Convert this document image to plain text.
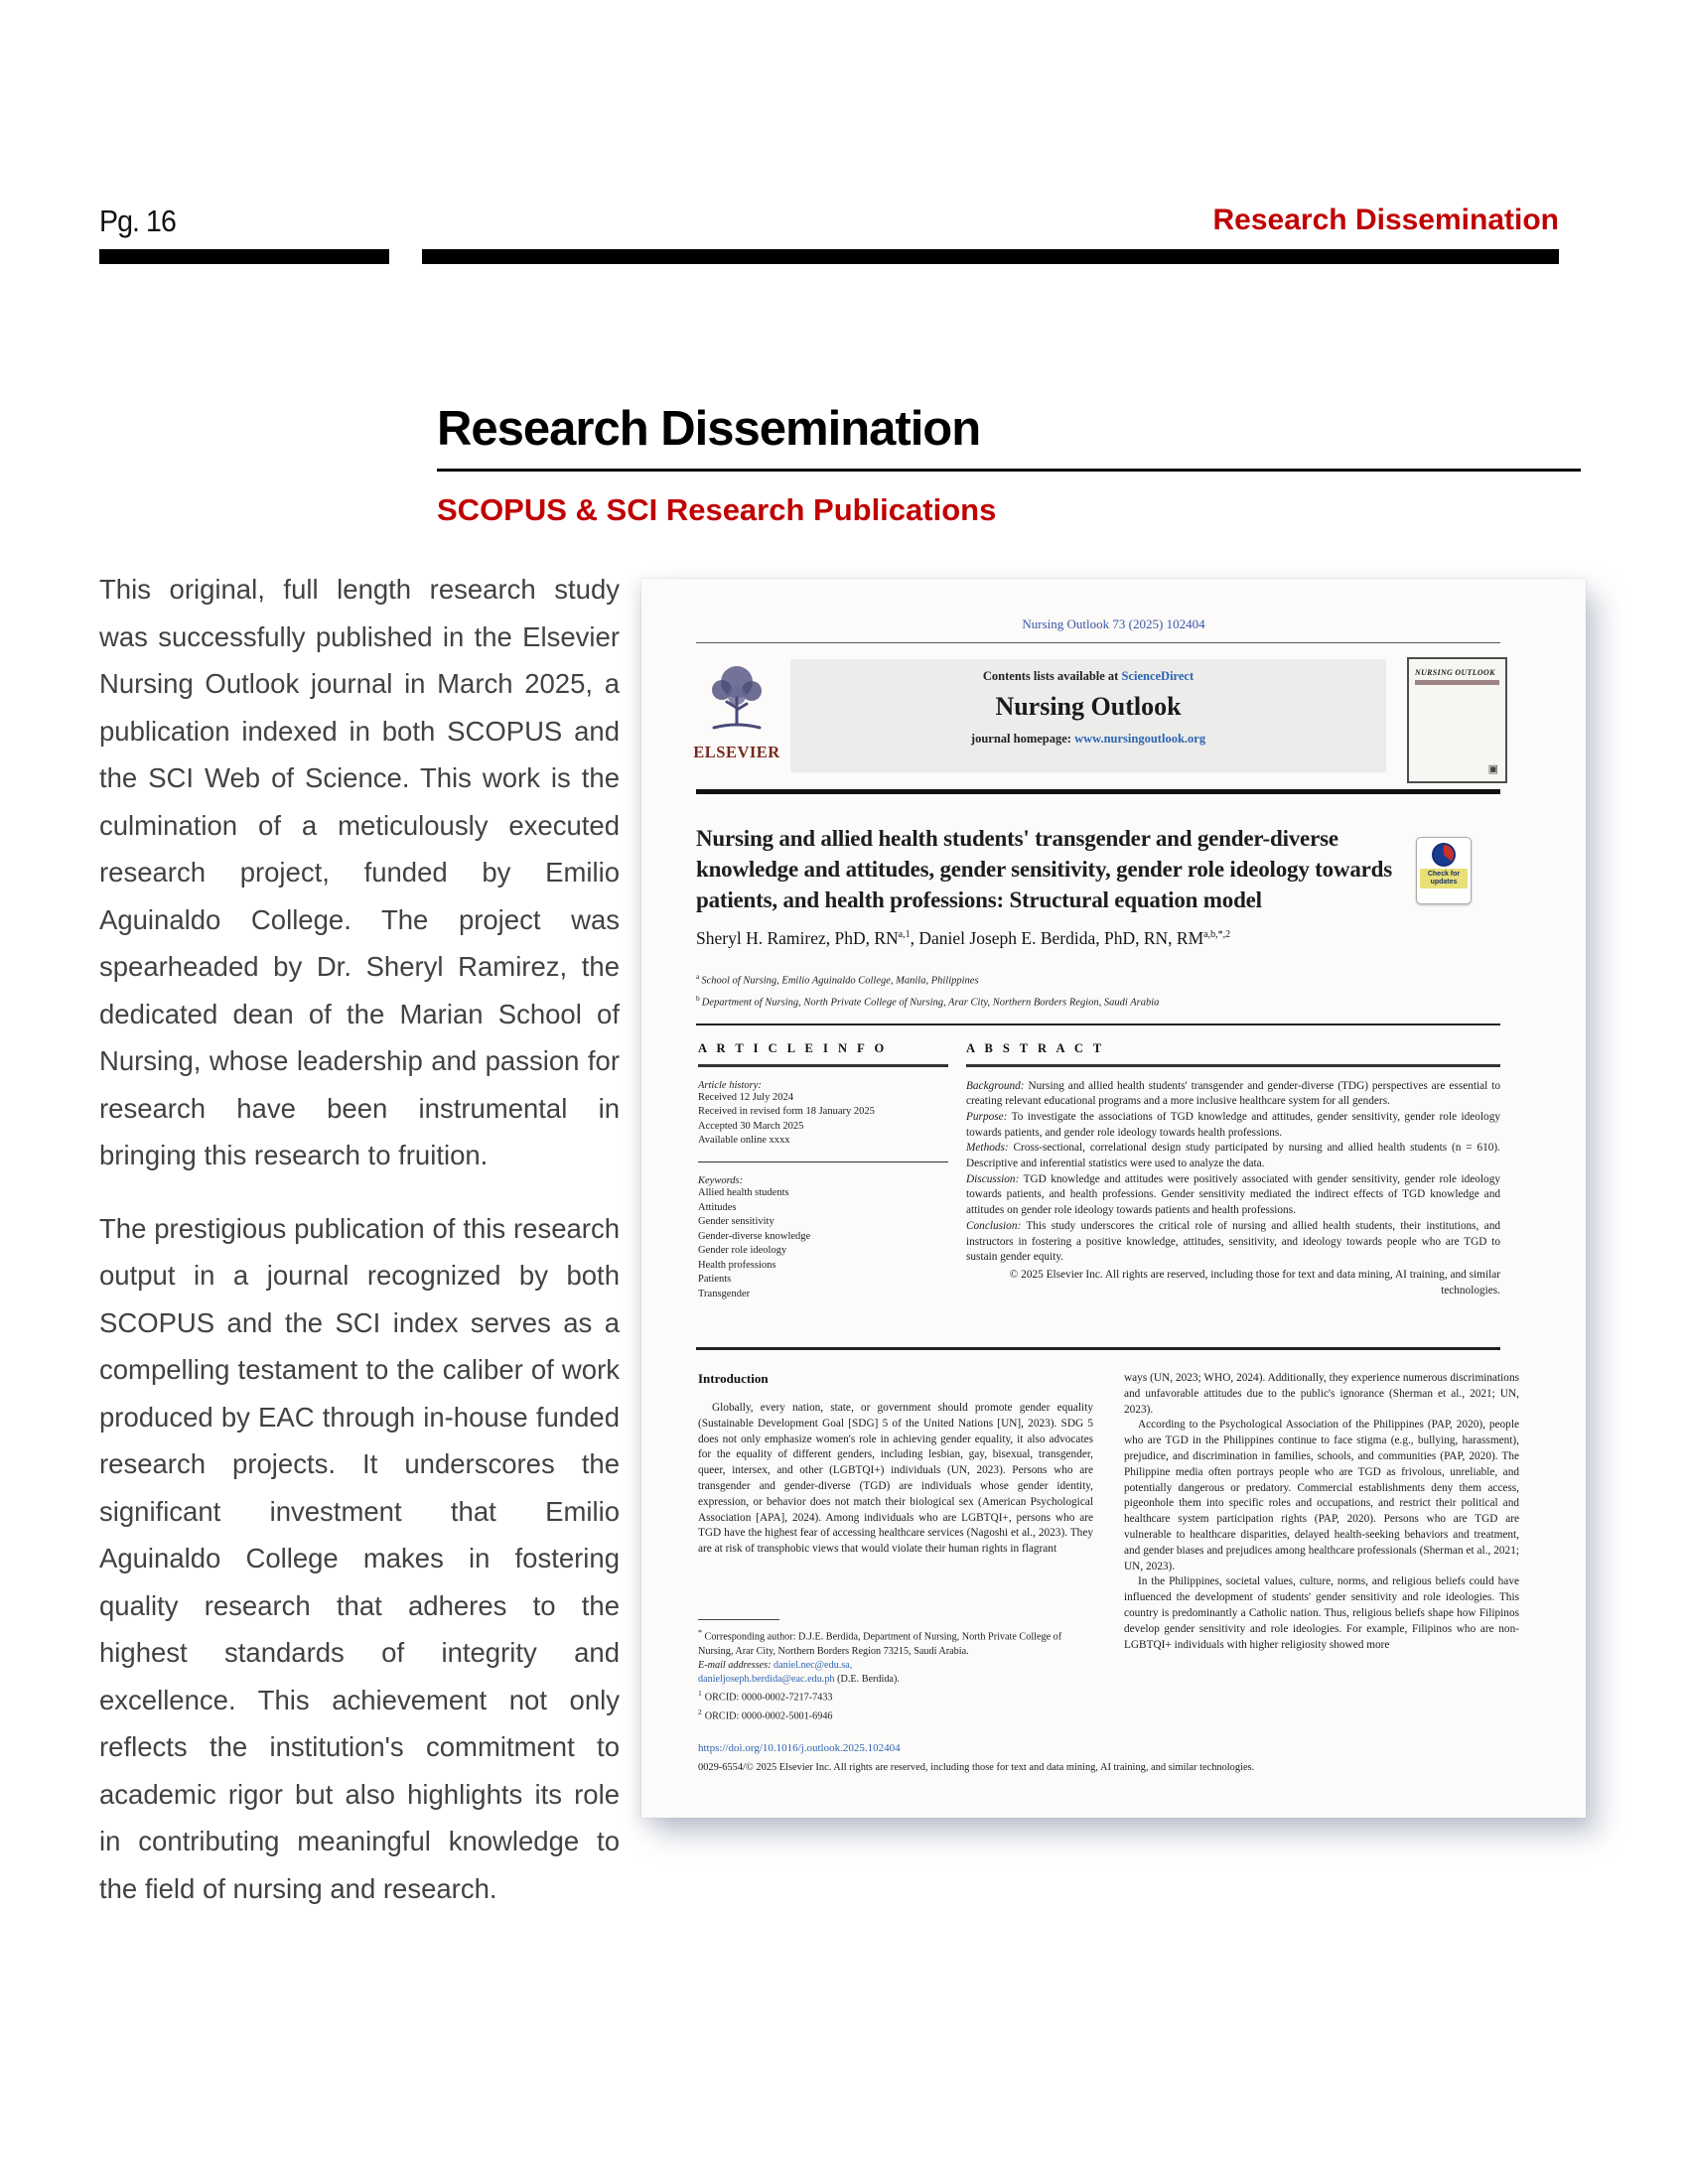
Pg. 16	Research Dissemination
Research Dissemination
SCOPUS & SCI Research Publications

This original, full length research study was successfully published in the Elsevier Nursing Outlook journal in March 2025, a publication indexed in both SCOPUS and the SCI Web of Science. This work is the culmination of a meticulously executed research project, funded by Emilio Aguinaldo College. The project was spearheaded by Dr. Sheryl Ramirez, the dedicated dean of the Marian School of Nursing, whose leadership and passion for research have been instrumental in bringing this research to fruition.

The prestigious publication of this research output in a journal recognized by both SCOPUS and the SCI index serves as a compelling testament to the caliber of work produced by EAC through in-house funded research projects. It underscores the significant investment that Emilio Aguinaldo College makes in fostering quality research that adheres to the highest standards of integrity and excellence. This achievement not only reflects the institution's commitment to academic rigor but also highlights its role in contributing meaningful knowledge to the field of nursing and research.

Nursing Outlook 73 (2025) 102404
ELSEVIER
Contents lists available at ScienceDirect
Nursing Outlook
journal homepage: www.nursingoutlook.org
NURSING OUTLOOK
▣
Nursing and allied health students' transgender and gender-diverse knowledge and attitudes, gender sensitivity, gender role ideology towards patients, and health professions: Structural equation model
Check for updates
Sheryl H. Ramirez, PhD, RN$^{a,1}$, Daniel Joseph E. Berdida, PhD, RN, $RM^{a,b,*,2}$
$^a$ School of Nursing, Emilio Aguinaldo College, Manila, Philippines
$^b$ Department of Nursing, North Private College of Nursing, Arar City, Northern Borders Region, Saudi Arabia
A R T I C L E I N F O
Article history:
Received 12 July 2024
Received in revised form 18 January 2025
Accepted 30 March 2025
Available online xxxx
Keywords:
Allied health students
Attitudes
Gender sensitivity
Gender-diverse knowledge
Gender role ideology
Health professions
Patients
Transgender
A B S T R A C T
Background: Nursing and allied health students' transgender and gender-diverse (TDG) perspectives are essential to creating relevant educational programs and a more inclusive healthcare system for all genders.
Purpose: To investigate the associations of TGD knowledge and attitudes, gender sensitivity, gender role ideology towards patients, and gender role ideology towards health professions.
Methods: Cross-sectional, correlational design study participated by nursing and allied health students (n = 610). Descriptive and inferential statistics were used to analyze the data.
Discussion: TGD knowledge and attitudes were positively associated with gender sensitivity, gender role ideology towards patients, and health professions. Gender sensitivity mediated the indirect effects of TGD knowledge and attitudes on gender role ideology towards patients and health professions.
Conclusion: This study underscores the critical role of nursing and allied health students, their institutions, and instructors in fostering a positive knowledge, attitudes, sensitivity, and ideology towards people who are TGD to sustain gender equity.
© 2025 Elsevier Inc. All rights are reserved, including those for text and data mining, AI training, and similar technologies.
Introduction
Globally, every nation, state, or government should promote gender equality (Sustainable Development Goal [SDG] 5 of the United Nations [UN], 2023). SDG 5 does not only emphasize women's role in achieving gender equality, it also advocates for the equality of different genders, including lesbian, gay, bisexual, transgender, queer, intersex, and other (LGBTQI+) individuals (UN, 2023). Persons who are transgender and gender-diverse (TGD) are individuals whose gender identity, expression, or behavior does not match their biological sex (American Psychological Association [APA], 2024). Among individuals who are LGBTQI+, persons who are TGD have the highest fear of accessing healthcare services (Nagoshi et al., 2023). They are at risk of transphobic views that would violate their human rights in flagrant

ways (UN, 2023; WHO, 2024). Additionally, they experience numerous discriminations and unfavorable attitudes due to the public's ignorance (Sherman et al., 2021; UN, 2023).

According to the Psychological Association of the Philippines (PAP, 2020), people who are TGD in the Philippines continue to face stigma (e.g., bullying, harassment), prejudice, and discrimination in families, schools, and communities (PAP, 2020). The Philippine media often portrays people who are TGD as frivolous, unreliable, and potentially dangerous or predatory. Commercial establishments deny them access, pigeonhole them into specific roles and occupations, and restrict their political and healthcare system participation rights (PAP, 2020). Persons who are TGD are vulnerable to healthcare disparities, delayed health-seeking behaviors and treatment, and gender biases and prejudices among healthcare professionals (Sherman et al., 2021; UN, 2023).

In the Philippines, societal values, culture, norms, and religious beliefs could have influenced the development of students' gender sensitivity and role ideologies. This country is predominantly a Catholic nation. Thus, religious beliefs shape how Filipinos develop gender sensitivity and role ideologies. For example, Filipinos who are non-LGBTQI+ individuals with higher religiosity showed more

* Corresponding author: D.J.E. Berdida, Department of Nursing, North Private College of Nursing, Arar City, Northern Borders Region 73215, Saudi Arabia.
E-mail addresses: daniel.nec@edu.sa,
danieljoseph.berdida@eac.edu.ph (D.E. Berdida).
$^1$ ORCID: 0000-0002-7217-7433
$^2$ ORCID: 0000-0002-5001-6946
https://doi.org/10.1016/j.outlook.2025.102404
0029-6554/© 2025 Elsevier Inc. All rights are reserved, including those for text and data mining, AI training, and similar technologies.
